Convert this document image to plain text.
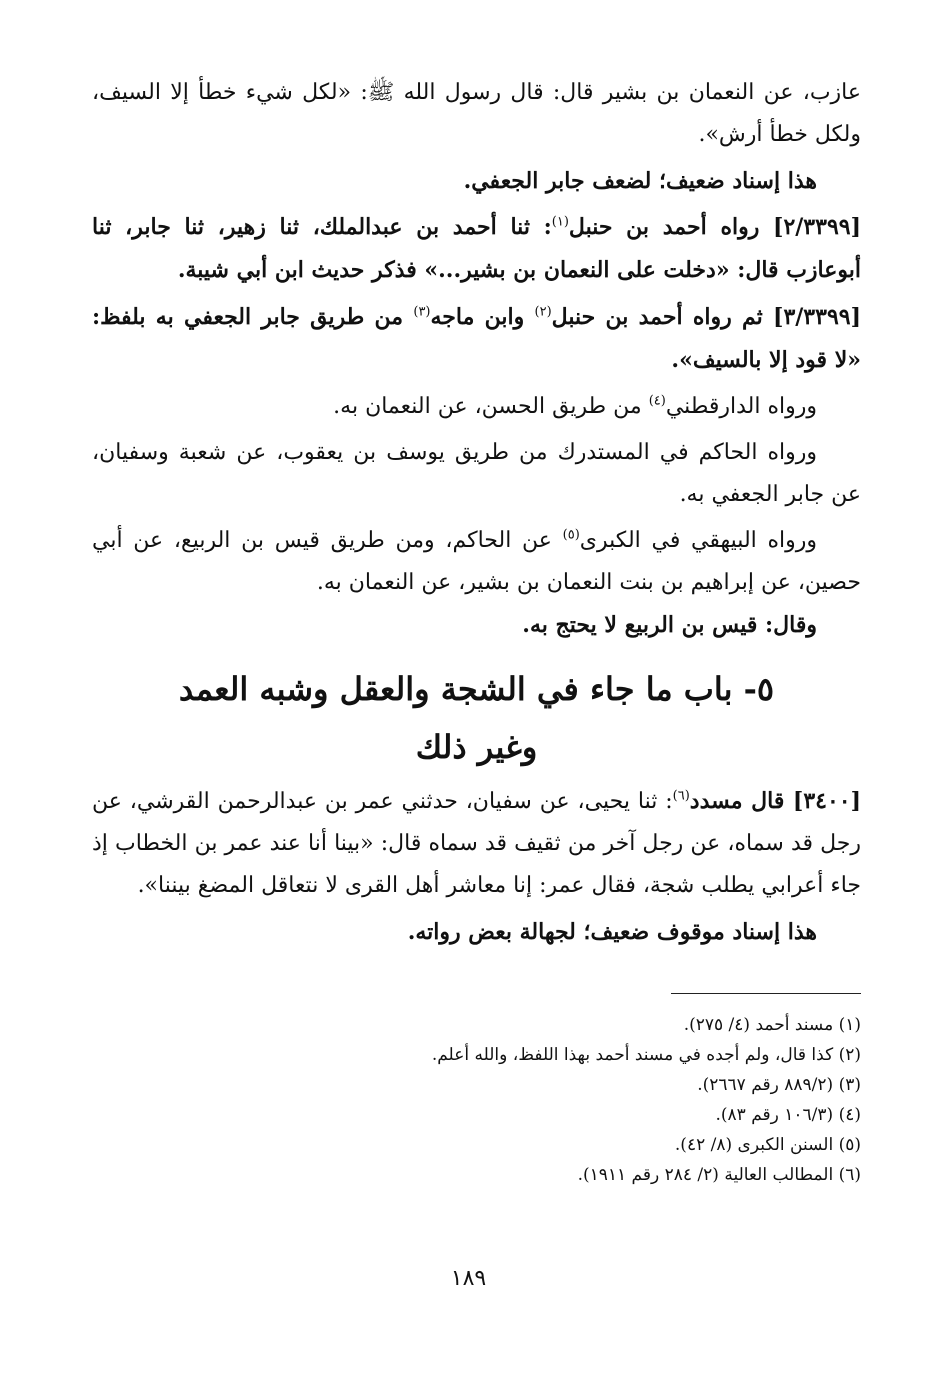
عازب، عن النعمان بن بشير قال: قال رسول الله ﷺ: «لكل شيء خطأ إلا السيف، ولكل خطأ أرش».

هذا إسناد ضعيف؛ لضعف جابر الجعفي.

[٢/٣٣٩٩] رواه أحمد بن حنبل$^{(١)}$: ثنا أحمد بن عبدالملك، ثنا زهير، ثنا جابر، ثنا أبوعازب قال: «دخلت على النعمان بن بشير...» فذكر حديث ابن أبي شيبة.

[٣/٣٣٩٩] ثم رواه أحمد بن حنبل$^{(٢)}$ وابن ماجه$^{(٣)}$ من طريق جابر الجعفي به بلفظ: «لا قود إلا بالسيف».

ورواه الدارقطني$^{(٤)}$ من طريق الحسن، عن النعمان به.

ورواه الحاكم في المستدرك من طريق يوسف بن يعقوب، عن شعبة وسفيان، عن جابر الجعفي به.

ورواه البيهقي في الكبرى$^{(٥)}$ عن الحاكم، ومن طريق قيس بن الربيع، عن أبي حصين، عن إبراهيم بن بنت النعمان بن بشير، عن النعمان به.

وقال: قيس بن الربيع لا يحتج به.

٥- باب ما جاء في الشجة والعقل وشبه العمد
وغير ذلك

[٣٤٠٠] قال مسدد$^{(٦)}$: ثنا يحيى، عن سفيان، حدثني عمر بن عبدالرحمن القرشي، عن رجل قد سماه، عن رجل آخر من ثقيف قد سماه قال: «بينا أنا عند عمر بن الخطاب إذ جاء أعرابي يطلب شجة، فقال عمر: إنا معاشر أهل القرى لا نتعاقل المضغ بيننا».

هذا إسناد موقوف ضعيف؛ لجهالة بعض رواته.

(١) مسند أحمد (٤/ ٢٧٥).

(٢) كذا قال، ولم أجده في مسند أحمد بهذا اللفظ، والله أعلم.

(٣) (٨٨٩/٢ رقم ٢٦٦٧).

(٤) (١٠٦/٣ رقم ٨٣).

(٥) السنن الكبرى (٨/ ٤٢).

(٦) المطالب العالية (٢/ ٢٨٤ رقم ١٩١١).

١٨٩
